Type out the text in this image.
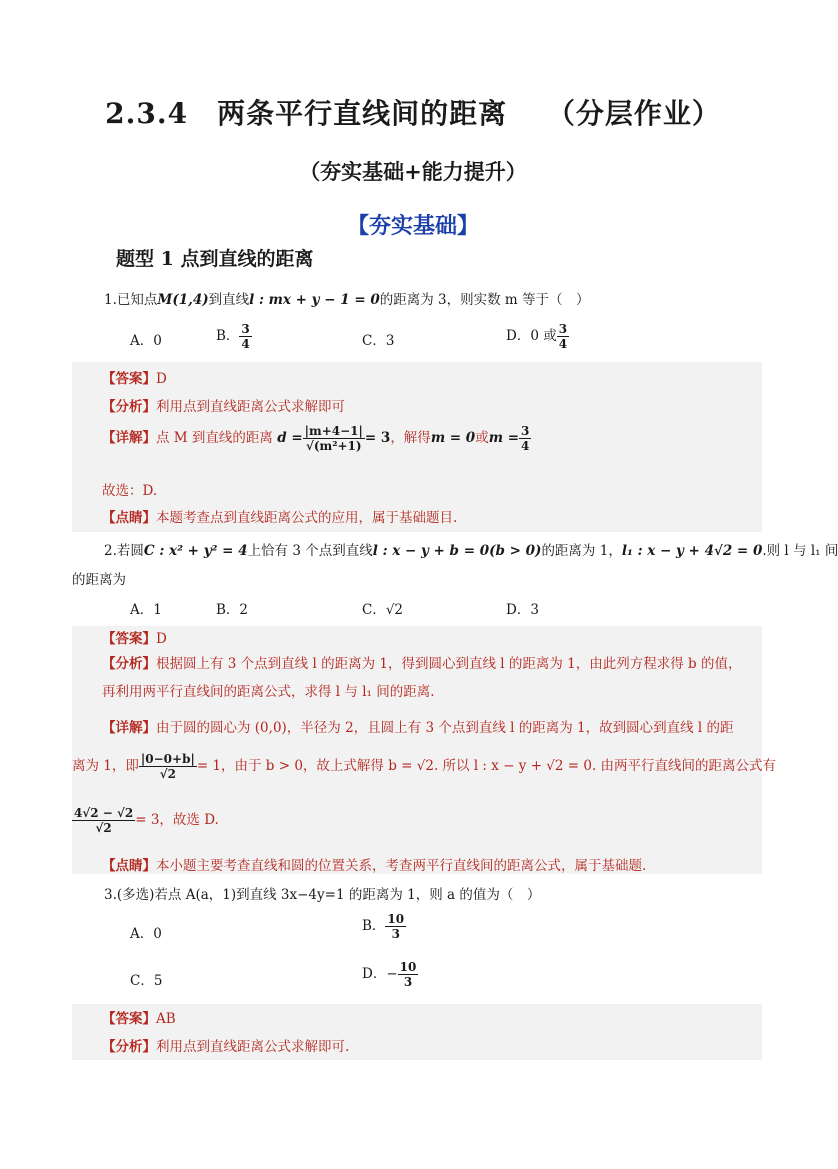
2.3.4　两条平行直线间的距离　 （分层作业）
（夯实基础+能力提升）
【夯实基础】
题型 1 点到直线的距离
1.已知点M(1,4)到直线l : mx + y − 1 = 0的距离为 3，则实数 m 等于（　）
A．0	B． $\frac{3}{4}$	C．3	D．0 或 $\frac{3}{4}$
【答案】D
【分析】利用点到直线距离公式求解即可
【详解】点 M 到直线的距离 $d = \frac{|m+4-1|}{\text{√(m²+1)}} = 3$，解得m = 0或$m = \frac{3}{4}$
故选：D.
【点睛】本题考查点到直线距离公式的应用，属于基础题目.
2.若圆C : x² + y² = 4上恰有 3 个点到直线l : x − y + b = 0(b > 0)的距离为 1，l₁ : x − y + 4√2 = 0.则 l 与 l₁ 间
的距离为
A．1	B．2	C．√2	D．3
【答案】D
【分析】根据圆上有 3 个点到直线 l 的距离为 1，得到圆心到直线 l 的距离为 1，由此列方程求得 b 的值，再利用两平行直线间的距离公式，求得 l 与 l₁ 间的距离.
【详解】由于圆的圆心为 (0,0)，半径为 2，且圆上有 3 个点到直线 l 的距离为 1，故到圆心到直线 l 的距
离为 1，即 $\frac{|0-0+b|}{√2} = 1$，由于 b > 0，故上式解得 b = √2. 所以 l : x − y + √2 = 0. 由两平行直线间的距离公式有
$\frac{4√2 - √2}{√2} = 3$，故选 D.
【点睛】本小题主要考查直线和圆的位置关系，考查两平行直线间的距离公式，属于基础题.
3.(多选)若点 A(a，1)到直线 3x−4y=1 的距离为 1，则 a 的值为（　）
A．0	B． $\frac{10}{3}$
C．5	D．− $\frac{10}{3}$
【答案】AB
【分析】利用点到直线距离公式求解即可.
